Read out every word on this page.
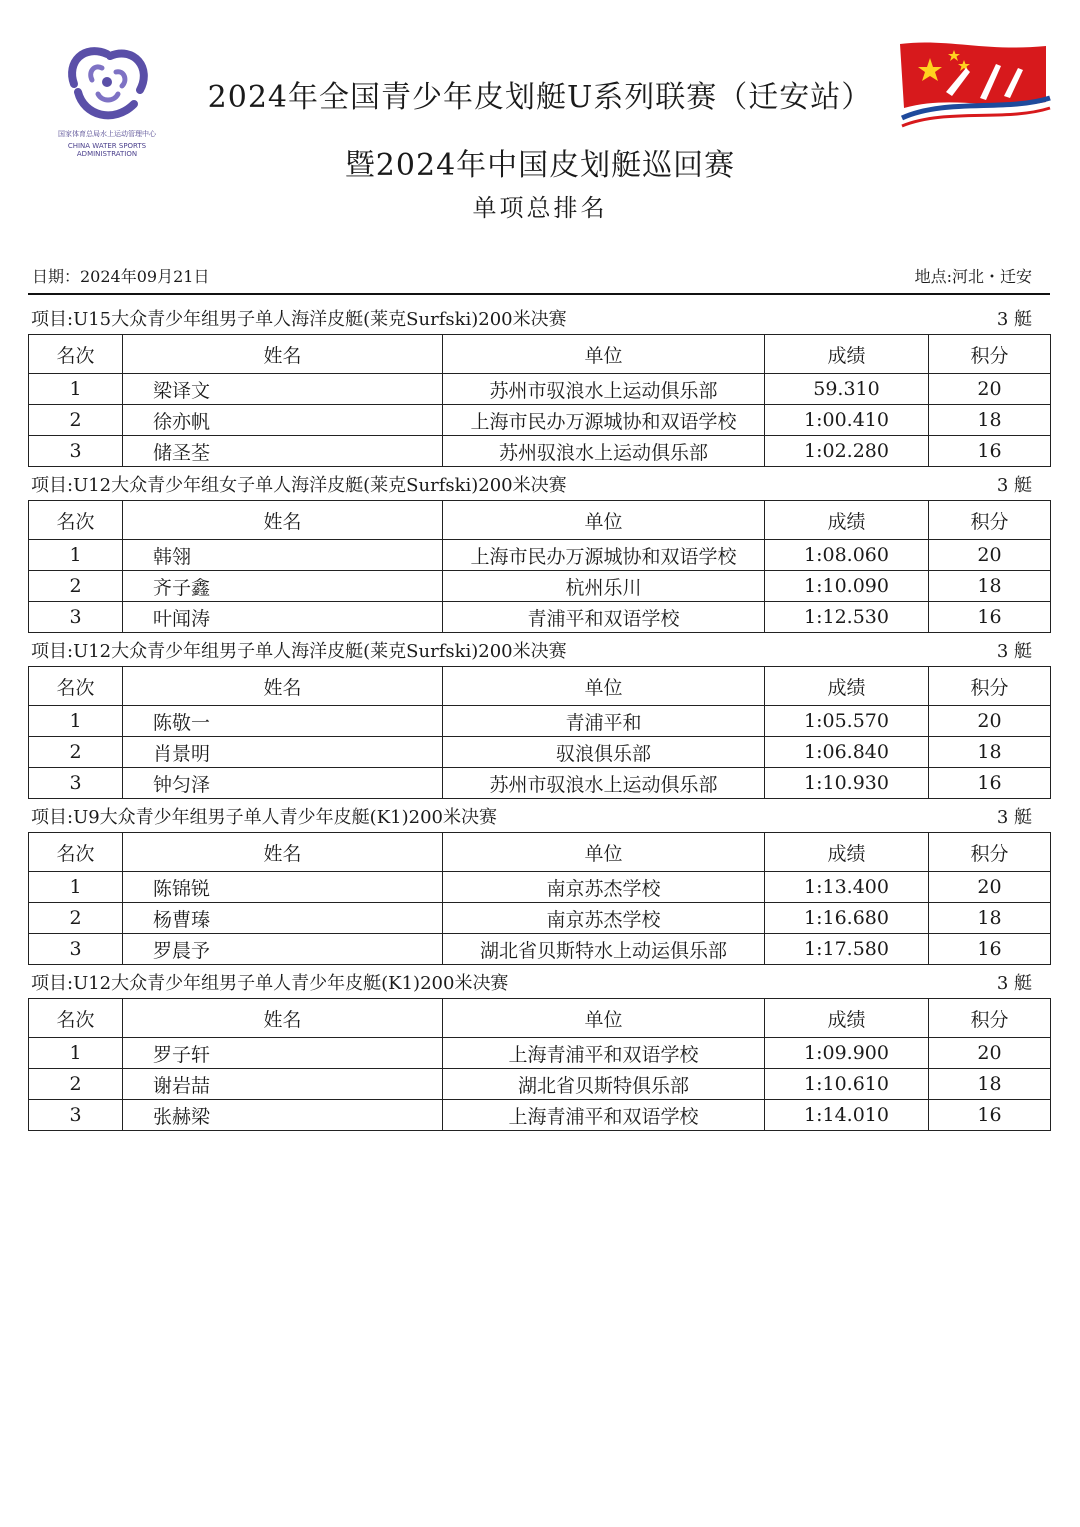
国家体育总局水上运动管理中心
CHINA WATER SPORTS
ADMINISTRATION
2024年全国青少年皮划艇U系列联赛（迁安站）
暨2024年中国皮划艇巡回赛
单项总排名
日期：2024年09月21日	地点:河北・迁安
项目:U15大众青少年组男子单人海洋皮艇(莱克Surfski)200米决赛	3 艇
名次	姓名	单位	成绩	积分
1	梁译文	苏州市驭浪水上运动俱乐部	59.310	20
2	徐亦帆	上海市民办万源城协和双语学校	1:00.410	18
3	储圣荃	苏州驭浪水上运动俱乐部	1:02.280	16
项目:U12大众青少年组女子单人海洋皮艇(莱克Surfski)200米决赛	3 艇
名次	姓名	单位	成绩	积分
1	韩翎	上海市民办万源城协和双语学校	1:08.060	20
2	齐子鑫	杭州乐川	1:10.090	18
3	叶闻涛	青浦平和双语学校	1:12.530	16
项目:U12大众青少年组男子单人海洋皮艇(莱克Surfski)200米决赛	3 艇
名次	姓名	单位	成绩	积分
1	陈敬一	青浦平和	1:05.570	20
2	肖景明	驭浪俱乐部	1:06.840	18
3	钟匀泽	苏州市驭浪水上运动俱乐部	1:10.930	16
项目:U9大众青少年组男子单人青少年皮艇(K1)200米决赛	3 艇
名次	姓名	单位	成绩	积分
1	陈锦锐	南京苏杰学校	1:13.400	20
2	杨曹瑧	南京苏杰学校	1:16.680	18
3	罗晨予	湖北省贝斯特水上动运俱乐部	1:17.580	16
项目:U12大众青少年组男子单人青少年皮艇(K1)200米决赛	3 艇
名次	姓名	单位	成绩	积分
1	罗子轩	上海青浦平和双语学校	1:09.900	20
2	谢岩喆	湖北省贝斯特俱乐部	1:10.610	18
3	张赫梁	上海青浦平和双语学校	1:14.010	16
